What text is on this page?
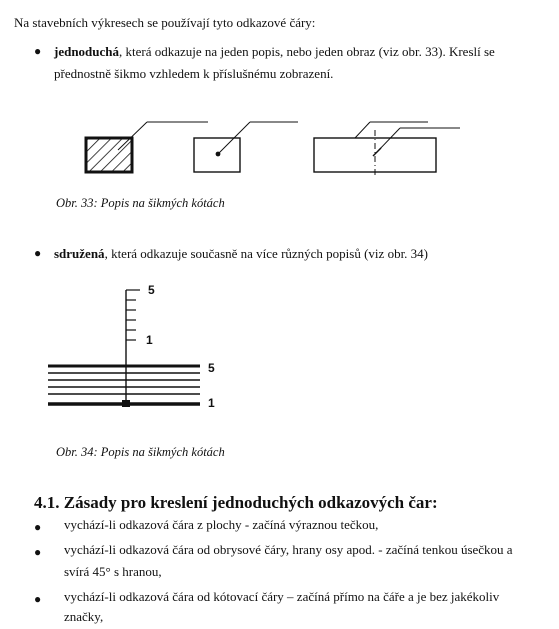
Na stavebních výkresech se používají tyto odkazové čáry:
● jednoduchá, která odkazuje na jeden popis, nebo jeden obraz (viz obr. 33). Kreslí se
přednostně šikmo vzhledem k příslušnému zobrazení.
Obr. 33: Popis na šikmých kótách
● sdružená, která odkazuje současně na více různých popisů (viz obr. 34)
5
1
5
1
Obr. 34: Popis na šikmých kótách
4.1. Zásady pro kreslení jednoduchých odkazových čar:
● vychází-li odkazová čára z plochy - začíná výraznou tečkou,
● vychází-li odkazová čára od obrysové čáry, hrany osy apod. - začíná tenkou úsečkou a
svírá 45° s hranou,
● vychází-li odkazová čára od kótovací čáry – začíná přímo na čáře a je bez jakékoliv
značky,
